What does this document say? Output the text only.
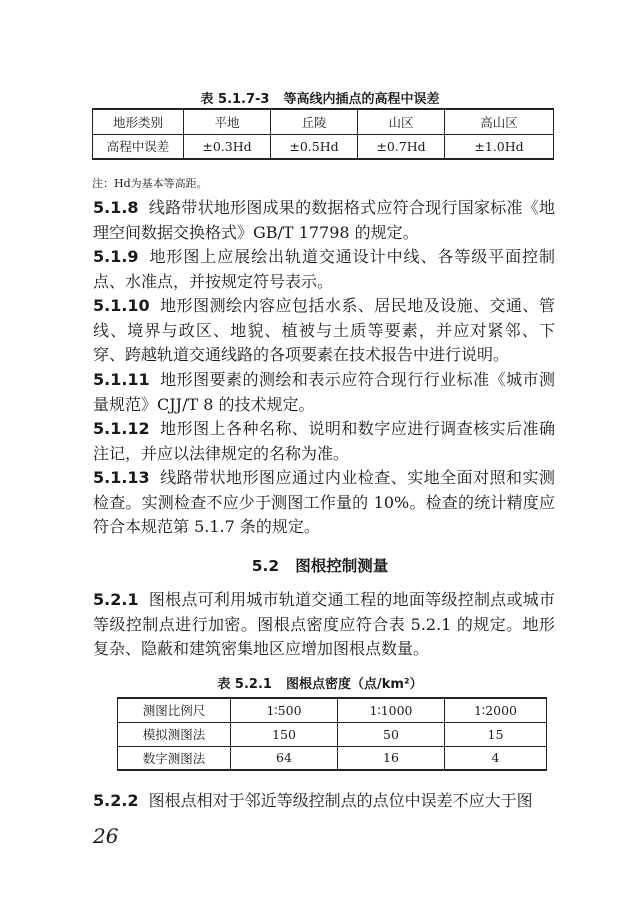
表 5.1.7-3 等高线内插点的高程中误差
地形类别	平地	丘陵	山区	高山区
高程中误差	±0.3Hd	±0.5Hd	±0.7Hd	±1.0Hd
注：Hd为基本等高距。
5.1.8 线路带状地形图成果的数据格式应符合现行国家标准《地理空间数据交换格式》GB/T 17798 的规定。
5.1.9 地形图上应展绘出轨道交通设计中线、各等级平面控制点、水准点，并按规定符号表示。
5.1.10 地形图测绘内容应包括水系、居民地及设施、交通、管线、境界与政区、地貌、植被与土质等要素，并应对紧邻、下穿、跨越轨道交通线路的各项要素在技术报告中进行说明。
5.1.11 地形图要素的测绘和表示应符合现行行业标准《城市测量规范》CJJ/T 8 的技术规定。
5.1.12 地形图上各种名称、说明和数字应进行调查核实后准确注记，并应以法律规定的名称为准。
5.1.13 线路带状地形图应通过内业检查、实地全面对照和实测检查。实测检查不应少于测图工作量的 10%。检查的统计精度应符合本规范第 5.1.7 条的规定。
5.2 图根控制测量
5.2.1 图根点可利用城市轨道交通工程的地面等级控制点或城市等级控制点进行加密。图根点密度应符合表 5.2.1 的规定。地形复杂、隐蔽和建筑密集地区应增加图根点数量。
表 5.2.1 图根点密度（点/km²）
测图比例尺	1∶500	1∶1000	1∶2000
模拟测图法	150	50	15
数字测图法	64	16	4
5.2.2 图根点相对于邻近等级控制点的点位中误差不应大于图
26
